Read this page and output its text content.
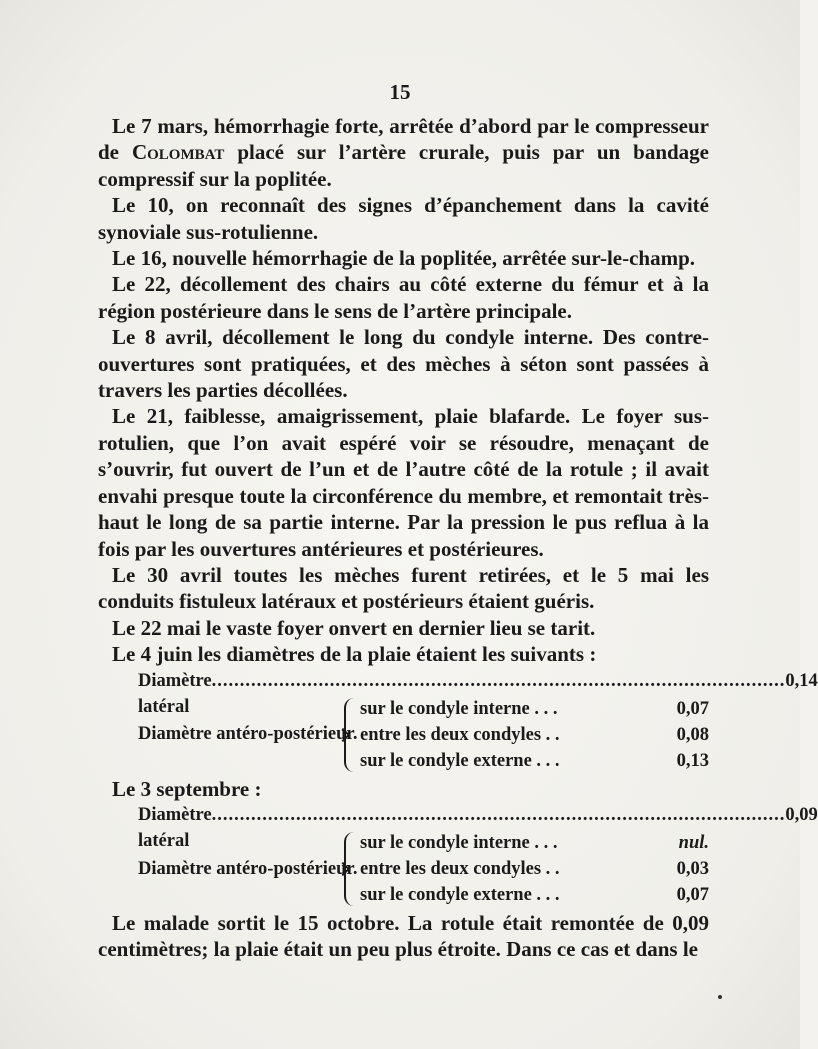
15

Le 7 mars, hémorrhagie forte, arrêtée d’abord par le compresseur de Colombat placé sur l’artère crurale, puis par un bandage compressif sur la poplitée.

Le 10, on reconnaît des signes d’épanchement dans la cavité synoviale sus-rotulienne.

Le 16, nouvelle hémorrhagie de la poplitée, arrêtée sur-le-champ.

Le 22, décollement des chairs au côté externe du fémur et à la région postérieure dans le sens de l’artère principale.

Le 8 avril, décollement le long du condyle interne. Des contre-ouvertures sont pratiquées, et des mèches à séton sont passées à travers les parties décollées.

Le 21, faiblesse, amaigrissement, plaie blafarde. Le foyer sus-rotulien, que l’on avait espéré voir se résoudre, menaçant de s’ouvrir, fut ouvert de l’un et de l’autre côté de la rotule ; il avait envahi presque toute la circonférence du membre, et remontait très-haut le long de sa partie interne. Par la pression le pus reflua à la fois par les ouvertures antérieures et postérieures.

Le 30 avril toutes les mèches furent retirées, et le 5 mai les conduits fistuleux latéraux et postérieurs étaient guéris.

Le 22 mai le vaste foyer onvert en dernier lieu se tarit.

Le 4 juin les diamètres de la plaie étaient les suivants :

Diamètre latéral
...................................................................................................... 0,14
Diamètre antéro-postérieur.
sur le condyle interne . . .	0,07
entre les deux condyles . .	0,08
sur le condyle externe . . .	0,13

Le 3 septembre :

Diamètre latéral
...................................................................................................... 0,09
Diamètre antéro-postérieur.
sur le condyle interne . . .	nul.
entre les deux condyles . .	0,03
sur le condyle externe . . .	0,07

Le malade sortit le 15 octobre. La rotule était remontée de 0,09 centimètres; la plaie était un peu plus étroite. Dans ce cas et dans le
